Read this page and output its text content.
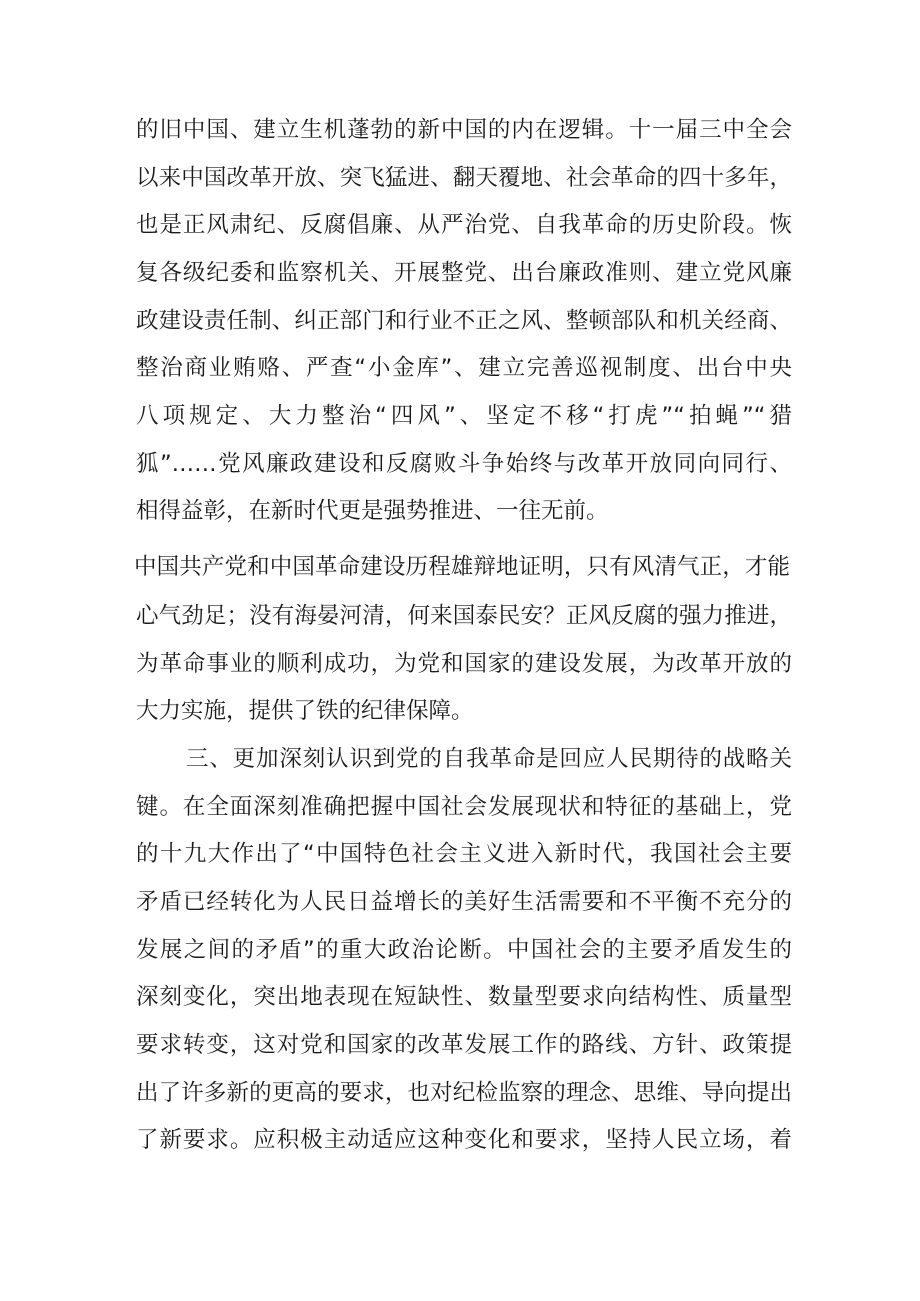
的旧中国、建立生机蓬勃的新中国的内在逻辑。十一届三中全会

以来中国改革开放、突飞猛进、翻天覆地、社会革命的四十多年，

也是正风肃纪、反腐倡廉、从严治党、自我革命的历史阶段。恢

复各级纪委和监察机关、开展整党、出台廉政准则、建立党风廉

政建设责任制、纠正部门和行业不正之风、整顿部队和机关经商、

整治商业贿赂、严查“小金库”、建立完善巡视制度、出台中央

八项规定、大力整治“四风”、坚定不移“打虎”“拍蝇”“猎

狐”……党风廉政建设和反腐败斗争始终与改革开放同向同行、

相得益彰，在新时代更是强势推进、一往无前。

中国共产党和中国革命建设历程雄辩地证明，只有风清气正，才能

心气劲足；没有海晏河清，何来国泰民安？正风反腐的强力推进，

为革命事业的顺利成功，为党和国家的建设发展，为改革开放的

大力实施，提供了铁的纪律保障。

三、更加深刻认识到党的自我革命是回应人民期待的战略关

键。在全面深刻准确把握中国社会发展现状和特征的基础上，党

的十九大作出了“中国特色社会主义进入新时代，我国社会主要

矛盾已经转化为人民日益增长的美好生活需要和不平衡不充分的

发展之间的矛盾”的重大政治论断。中国社会的主要矛盾发生的

深刻变化，突出地表现在短缺性、数量型要求向结构性、质量型

要求转变，这对党和国家的改革发展工作的路线、方针、政策提

出了许多新的更高的要求，也对纪检监察的理念、思维、导向提出

了新要求。应积极主动适应这种变化和要求，坚持人民立场，着
